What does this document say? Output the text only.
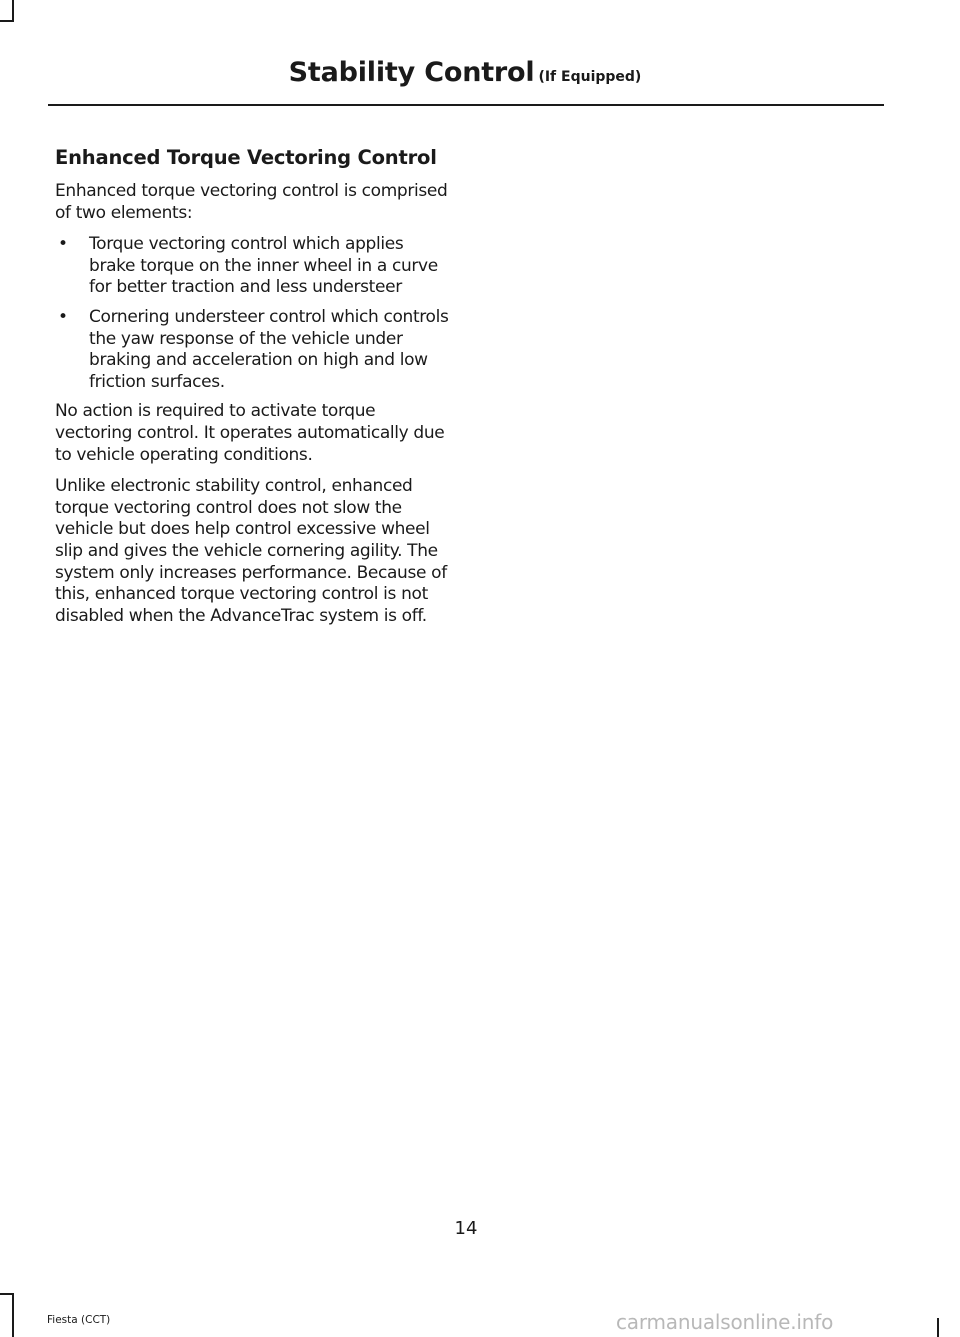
Stability Control (If Equipped)
Enhanced Torque Vectoring Control

Enhanced torque vectoring control is comprised of two elements:

• Torque vectoring control which applies brake torque on the inner wheel in a curve for better traction and less understeer
• Cornering understeer control which controls the yaw response of the vehicle under braking and acceleration on high and low friction surfaces.

No action is required to activate torque vectoring control. It operates automatically due to vehicle operating conditions.

Unlike electronic stability control, enhanced torque vectoring control does not slow the vehicle but does help control excessive wheel slip and gives the vehicle cornering agility. The system only increases performance. Because of this, enhanced torque vectoring control is not disabled when the AdvanceTrac system is off.

14
Fiesta (CCT)	carmanualsonline.info
